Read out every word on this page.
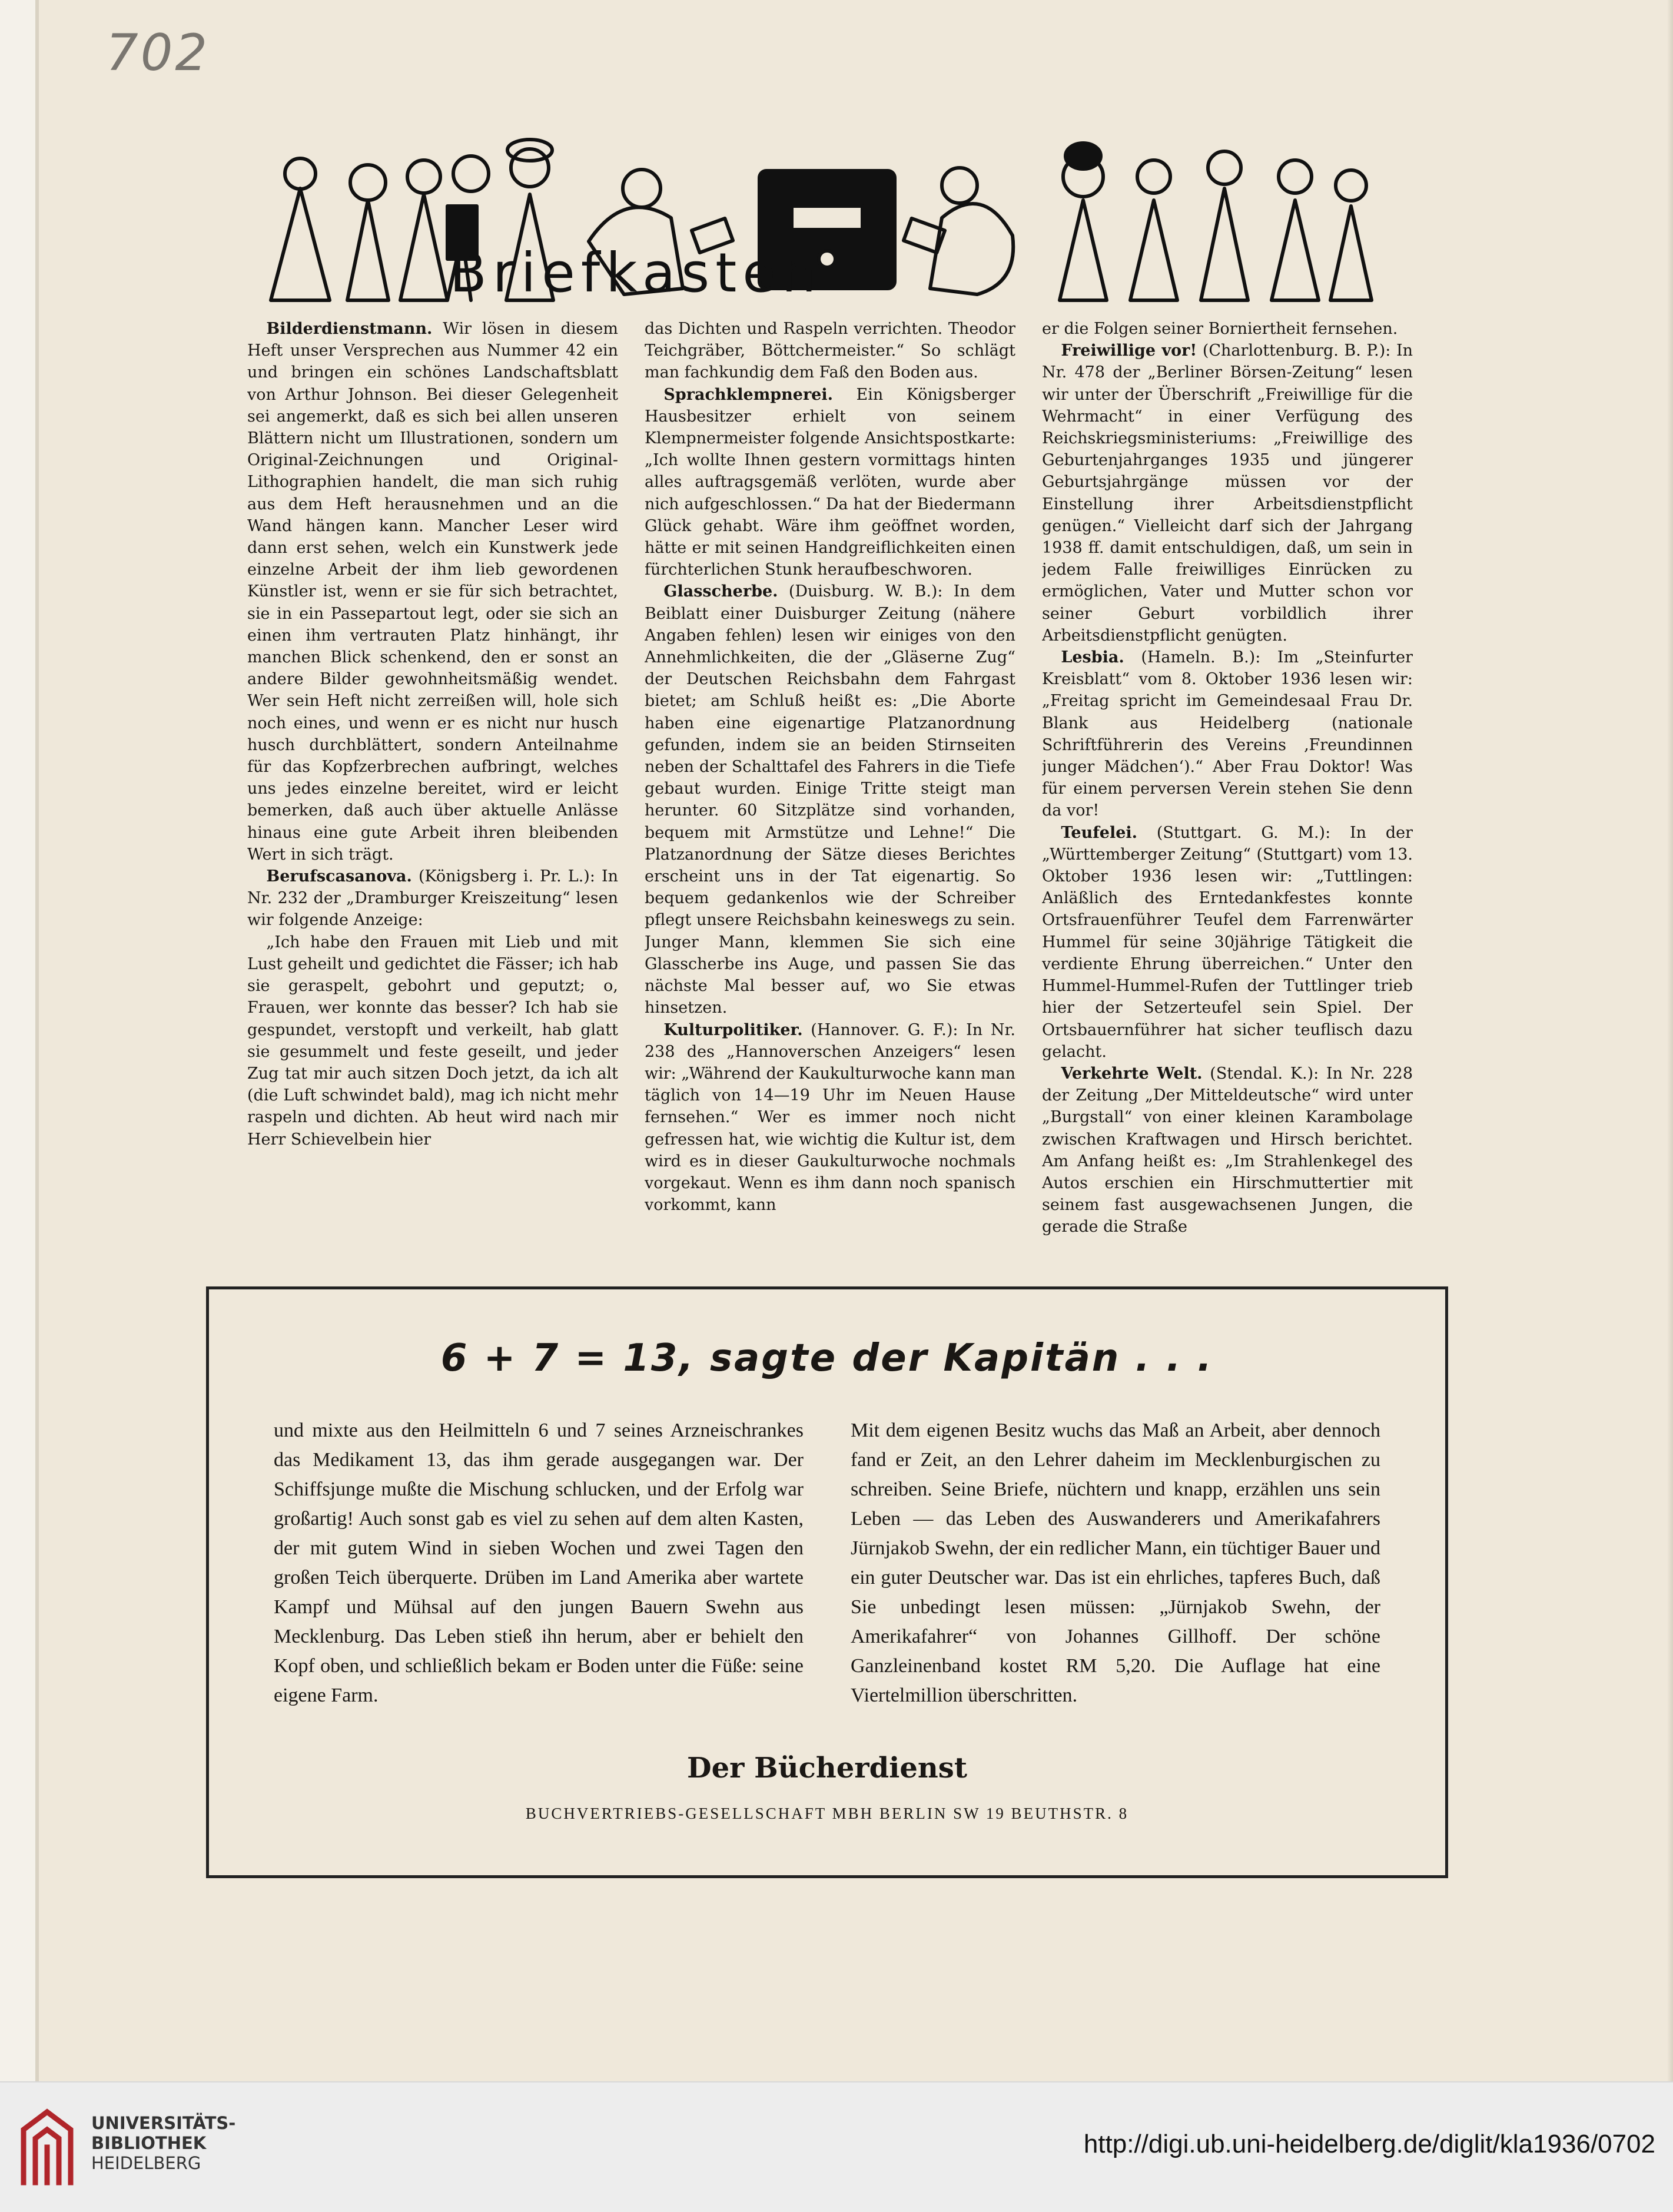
702
Briefkasten

Bilderdienstmann. Wir lösen in diesem Heft unser Versprechen aus Nummer 42 ein und bringen ein schönes Landschaftsblatt von Arthur Johnson. Bei dieser Gelegenheit sei angemerkt, daß es sich bei allen unseren Blättern nicht um Illustrationen, sondern um Original-Zeichnungen und Original-Lithographien handelt, die man sich ruhig aus dem Heft herausnehmen und an die Wand hängen kann. Mancher Leser wird dann erst sehen, welch ein Kunstwerk jede einzelne Arbeit der ihm lieb gewordenen Künstler ist, wenn er sie für sich betrachtet, sie in ein Passepartout legt, oder sie sich an einen ihm vertrauten Platz hinhängt, ihr manchen Blick schenkend, den er sonst an andere Bilder gewohnheitsmäßig wendet. Wer sein Heft nicht zerreißen will, hole sich noch eines, und wenn er es nicht nur husch husch durchblättert, sondern Anteilnahme für das Kopfzerbrechen aufbringt, welches uns jedes einzelne bereitet, wird er leicht bemerken, daß auch über aktuelle Anlässe hinaus eine gute Arbeit ihren bleibenden Wert in sich trägt.

Berufscasanova. (Königsberg i. Pr. L.): In Nr. 232 der „Dramburger Kreiszeitung“ lesen wir folgende Anzeige:

„Ich habe den Frauen mit Lieb und mit Lust geheilt und gedichtet die Fässer; ich hab sie geraspelt, gebohrt und geputzt; o, Frauen, wer konnte das besser? Ich hab sie gespundet, verstopft und verkeilt, hab glatt sie gesummelt und feste geseilt, und jeder Zug tat mir auch sitzen Doch jetzt, da ich alt (die Luft schwindet bald), mag ich nicht mehr raspeln und dichten. Ab heut wird nach mir Herr Schievelbein hier

das Dichten und Raspeln verrichten. Theodor Teichgräber, Böttchermeister.“ So schlägt man fachkundig dem Faß den Boden aus.

Sprachklempnerei. Ein Königsberger Hausbesitzer erhielt von seinem Klempnermeister folgende Ansichtspostkarte: „Ich wollte Ihnen gestern vormittags hinten alles auftragsgemäß verlöten, wurde aber nich aufgeschlossen.“ Da hat der Biedermann Glück gehabt. Wäre ihm geöffnet worden, hätte er mit seinen Handgreiflichkeiten einen fürchterlichen Stunk heraufbeschworen.

Glasscherbe. (Duisburg. W. B.): In dem Beiblatt einer Duisburger Zeitung (nähere Angaben fehlen) lesen wir einiges von den Annehmlichkeiten, die der „Gläserne Zug“ der Deutschen Reichsbahn dem Fahrgast bietet; am Schluß heißt es: „Die Aborte haben eine eigenartige Platzanordnung gefunden, indem sie an beiden Stirnseiten neben der Schalttafel des Fahrers in die Tiefe gebaut wurden. Einige Tritte steigt man herunter. 60 Sitzplätze sind vorhanden, bequem mit Armstütze und Lehne!“ Die Platzanordnung der Sätze dieses Berichtes erscheint uns in der Tat eigenartig. So bequem gedankenlos wie der Schreiber pflegt unsere Reichsbahn keineswegs zu sein. Junger Mann, klemmen Sie sich eine Glasscherbe ins Auge, und passen Sie das nächste Mal besser auf, wo Sie etwas hinsetzen.

Kulturpolitiker. (Hannover. G. F.): In Nr. 238 des „Hannoverschen Anzeigers“ lesen wir: „Während der Kaukulturwoche kann man täglich von 14—19 Uhr im Neuen Hause fernsehen.“ Wer es immer noch nicht gefressen hat, wie wichtig die Kultur ist, dem wird es in dieser Gaukulturwoche nochmals vorgekaut. Wenn es ihm dann noch spanisch vorkommt, kann

er die Folgen seiner Borniertheit fernsehen.

Freiwillige vor! (Charlottenburg. B. P.): In Nr. 478 der „Berliner Börsen-Zeitung“ lesen wir unter der Überschrift „Freiwillige für die Wehrmacht“ in einer Verfügung des Reichskriegsministeriums: „Freiwillige des Geburtenjahrganges 1935 und jüngerer Geburtsjahrgänge müssen vor der Einstellung ihrer Arbeitsdienstpflicht genügen.“ Vielleicht darf sich der Jahrgang 1938 ff. damit entschuldigen, daß, um sein in jedem Falle freiwilliges Einrücken zu ermöglichen, Vater und Mutter schon vor seiner Geburt vorbildlich ihrer Arbeitsdienstpflicht genügten.

Lesbia. (Hameln. B.): Im „Steinfurter Kreisblatt“ vom 8. Oktober 1936 lesen wir: „Freitag spricht im Gemeindesaal Frau Dr. Blank aus Heidelberg (nationale Schriftführerin des Vereins ‚Freundinnen junger Mädchen‘).“ Aber Frau Doktor! Was für einem perversen Verein stehen Sie denn da vor!

Teufelei. (Stuttgart. G. M.): In der „Württemberger Zeitung“ (Stuttgart) vom 13. Oktober 1936 lesen wir: „Tuttlingen: Anläßlich des Erntedankfestes konnte Ortsfrauenführer Teufel dem Farrenwärter Hummel für seine 30jährige Tätigkeit die verdiente Ehrung überreichen.“ Unter den Hummel-Hummel-Rufen der Tuttlinger trieb hier der Setzerteufel sein Spiel. Der Ortsbauernführer hat sicher teuflisch dazu gelacht.

Verkehrte Welt. (Stendal. K.): In Nr. 228 der Zeitung „Der Mitteldeutsche“ wird unter „Burgstall“ von einer kleinen Karambolage zwischen Kraftwagen und Hirsch berichtet. Am Anfang heißt es: „Im Strahlenkegel des Autos erschien ein Hirschmuttertier mit seinem fast ausgewachsenen Jungen, die gerade die Straße

6 + 7 = 13, sagte der Kapitän . . .

und mixte aus den Heilmitteln 6 und 7 seines Arzneischrankes das Medikament 13, das ihm gerade ausgegangen war. Der Schiffsjunge mußte die Mischung schlucken, und der Erfolg war großartig! Auch sonst gab es viel zu sehen auf dem alten Kasten, der mit gutem Wind in sieben Wochen und zwei Tagen den großen Teich überquerte. Drüben im Land Amerika aber wartete Kampf und Mühsal auf den jungen Bauern Swehn aus Mecklenburg. Das Leben stieß ihn herum, aber er behielt den Kopf oben, und schließlich bekam er Boden unter die Füße: seine eigene Farm.

Mit dem eigenen Besitz wuchs das Maß an Arbeit, aber dennoch fand er Zeit, an den Lehrer daheim im Mecklenburgischen zu schreiben. Seine Briefe, nüchtern und knapp, erzählen uns sein Leben — das Leben des Auswanderers und Amerikafahrers Jürnjakob Swehn, der ein redlicher Mann, ein tüchtiger Bauer und ein guter Deutscher war. Das ist ein ehrliches, tapferes Buch, daß Sie unbedingt lesen müssen: „Jürnjakob Swehn, der Amerikafahrer“ von Johannes Gillhoff. Der schöne Ganzleinenband kostet RM 5,20. Die Auflage hat eine Viertelmillion überschritten.

Der Bücherdienst
BUCHVERTRIEBS-GESELLSCHAFT MBH BERLIN SW 19 BEUTHSTR. 8
UNIVERSITÄTS-
BIBLIOTHEK
HEIDELBERG
http://digi.ub.uni-heidelberg.de/diglit/kla1936/0702
